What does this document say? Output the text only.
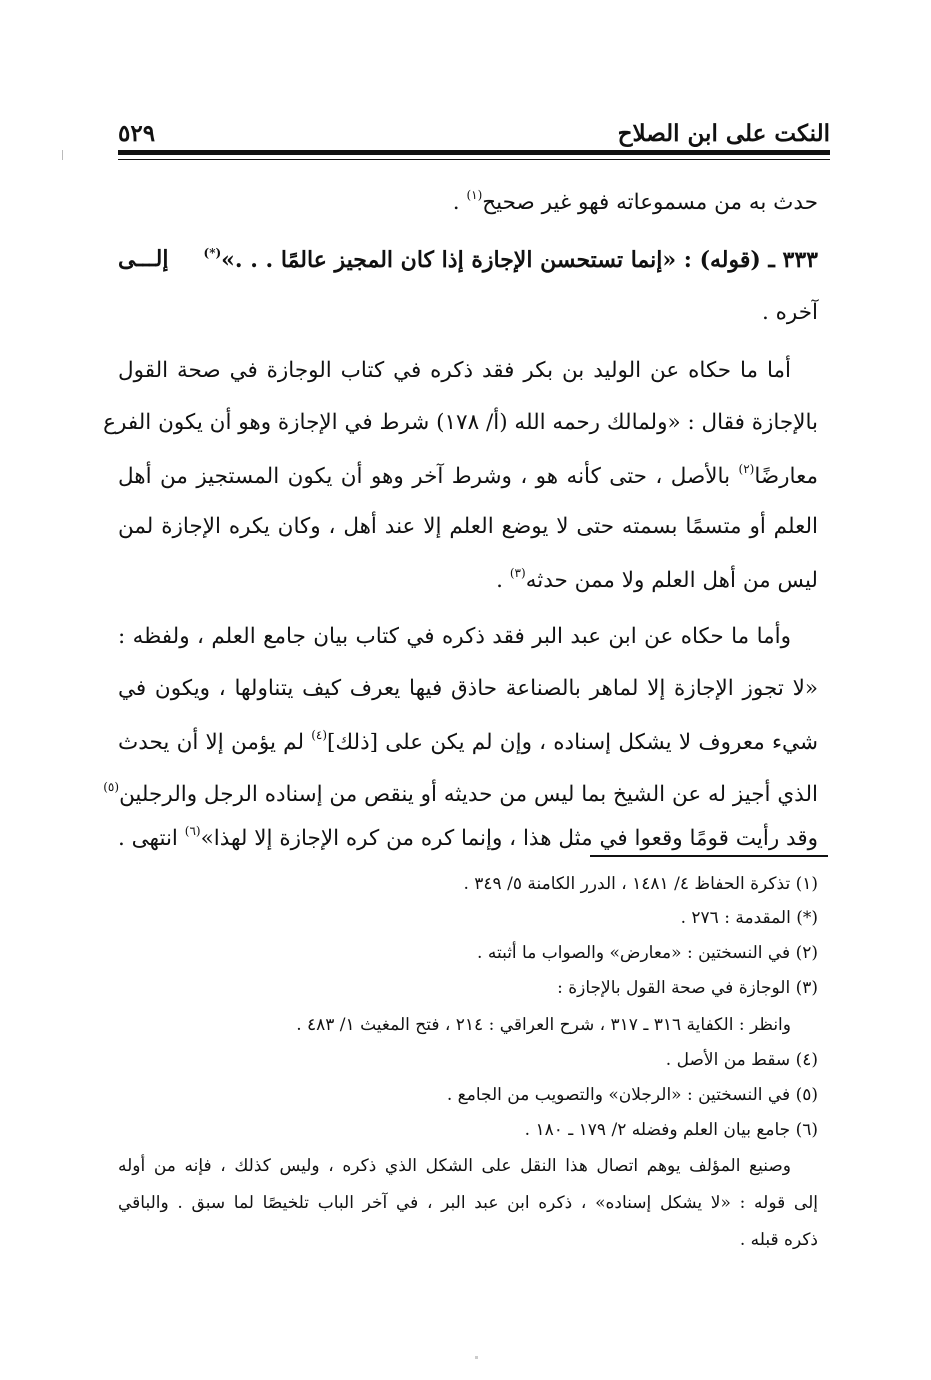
النكت على ابن الصلاح
٥٢٩
حدث به من مسموعاته فهو غير صحيح$^{(١)}$ .
٣٣٣ ـ (قوله) : «إنما تستحسن الإجازة إذا كان المجيز عالمًا . . .»(*)
إلـــى
آخره .
أما ما حكاه عن الوليد بن بكر فقد ذكره في كتاب الوجازة في صحة القول
بالإجازة فقال : «ولمالك رحمه الله (أ/ ١٧٨) شرط في الإجازة وهو أن يكون الفرع
معارضًا$^{(٢)}$ بالأصل ، حتى كأنه هو ، وشرط آخر وهو أن يكون المستجيز من أهل
العلم أو متسمًا بسمته حتى لا يوضع العلم إلا عند أهل ، وكان يكره الإجازة لمن
ليس من أهل العلم ولا ممن حدثه$^{(٣)}$ .
وأما ما حكاه عن ابن عبد البر فقد ذكره في كتاب بيان جامع العلم ، ولفظه :
«لا تجوز الإجازة إلا لماهر بالصناعة حاذق فيها يعرف كيف يتناولها ، ويكون في
شيء معروف لا يشكل إسناده ، وإن لم يكن على [ذلك]$^{(٤)}$ لم يؤمن إلا أن يحدث
الذي أجيز له عن الشيخ بما ليس من حديثه أو ينقص من إسناده الرجل والرجلين$^{(٥)}$
وقد رأيت قومًا وقعوا في مثل هذا ، وإنما كره من كره الإجازة إلا لهذا»$^{(٦)}$ انتهى .
(١) تذكرة الحفاظ ٤/ ١٤٨١ ، الدرر الكامنة ٥/ ٣٤٩ .
(*) المقدمة : ٢٧٦ .
(٢) في النسختين : «معارض» والصواب ما أثبته .
(٣) الوجازة في صحة القول بالإجازة :
وانظر : الكفاية ٣١٦ ـ ٣١٧ ، شرح العراقي : ٢١٤ ، فتح المغيث ١/ ٤٨٣ .
(٤) سقط من الأصل .
(٥) في النسختين : «الرجلان» والتصويب من الجامع .
(٦) جامع بيان العلم وفضله ٢/ ١٧٩ ـ ١٨٠ .
وصنيع المؤلف يوهم اتصال هذا النقل على الشكل الذي ذكره ، وليس كذلك ، فإنه من أوله
إلى قوله : «لا يشكل إسناده» ، ذكره ابن عبد البر ، في آخر الباب تلخيصًا لما سبق . والباقي
ذكره قبله .
